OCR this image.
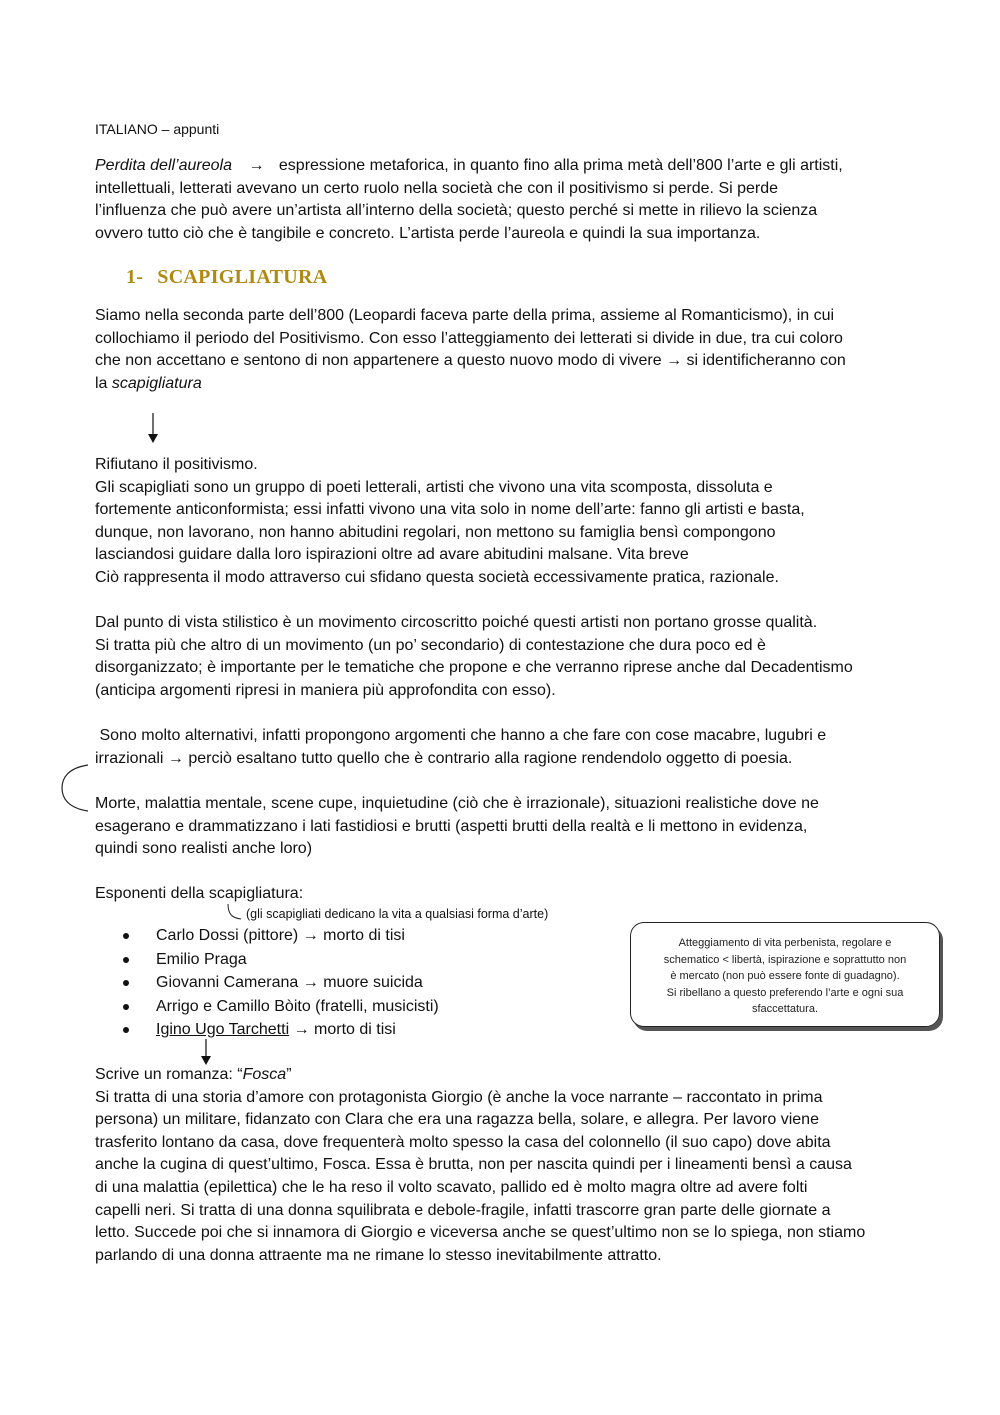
ITALIANO – appunti
Perdita dell’aureola → espressione metaforica, in quanto fino alla prima metà dell’800 l’arte e gli artisti,
intellettuali, letterati avevano un certo ruolo nella società che con il positivismo si perde. Si perde
l’influenza che può avere un’artista all’interno della società; questo perché si mette in rilievo la scienza
ovvero tutto ciò che è tangibile e concreto. L’artista perde l’aureola e quindi la sua importanza.
1- SCAPIGLIATURA
Siamo nella seconda parte dell’800 (Leopardi faceva parte della prima, assieme al Romanticismo), in cui
collochiamo il periodo del Positivismo. Con esso l’atteggiamento dei letterati si divide in due, tra cui coloro
che non accettano e sentono di non appartenere a questo nuovo modo di vivere → si identificheranno con
la scapigliatura
Rifiutano il positivismo.
Gli scapigliati sono un gruppo di poeti letterali, artisti che vivono una vita scomposta, dissoluta e
fortemente anticonformista; essi infatti vivono una vita solo in nome dell’arte: fanno gli artisti e basta,
dunque, non lavorano, non hanno abitudini regolari, non mettono su famiglia bensì compongono
lasciandosi guidare dalla loro ispirazioni oltre ad avare abitudini malsane. Vita breve
Ciò rappresenta il modo attraverso cui sfidano questa società eccessivamente pratica, razionale.
Dal punto di vista stilistico è un movimento circoscritto poiché questi artisti non portano grosse qualità.
Si tratta più che altro di un movimento (un po’ secondario) di contestazione che dura poco ed è
disorganizzato; è importante per le tematiche che propone e che verranno riprese anche dal Decadentismo
(anticipa argomenti ripresi in maniera più approfondita con esso).
Sono molto alternativi, infatti propongono argomenti che hanno a che fare con cose macabre, lugubri e
irrazionali → perciò esaltano tutto quello che è contrario alla ragione rendendolo oggetto di poesia.
Morte, malattia mentale, scene cupe, inquietudine (ciò che è irrazionale), situazioni realistiche dove ne
esagerano e drammatizzano i lati fastidiosi e brutti (aspetti brutti della realtà e li mettono in evidenza,
quindi sono realisti anche loro)
Esponenti della scapigliatura:
(gli scapigliati dedicano la vita a qualsiasi forma d’arte)
Carlo Dossi (pittore) → morto di tisi
Emilio Praga
Giovanni Camerana → muore suicida
Arrigo e Camillo Bòito (fratelli, musicisti)
Igino Ugo Tarchetti → morto di tisi
Atteggiamento di vita perbenista, regolare e
schematico < libertà, ispirazione e soprattutto non
è mercato (non può essere fonte di guadagno).
Si ribellano a questo preferendo l’arte e ogni sua
sfaccettatura.
Scrive un romanza: “Fosca”
Si tratta di una storia d’amore con protagonista Giorgio (è anche la voce narrante – raccontato in prima
persona) un militare, fidanzato con Clara che era una ragazza bella, solare, e allegra. Per lavoro viene
trasferito lontano da casa, dove frequenterà molto spesso la casa del colonnello (il suo capo) dove abita
anche la cugina di quest’ultimo, Fosca. Essa è brutta, non per nascita quindi per i lineamenti bensì a causa
di una malattia (epilettica) che le ha reso il volto scavato, pallido ed è molto magra oltre ad avere folti
capelli neri. Si tratta di una donna squilibrata e debole-fragile, infatti trascorre gran parte delle giornate a
letto. Succede poi che si innamora di Giorgio e viceversa anche se quest’ultimo non se lo spiega, non stiamo
parlando di una donna attraente ma ne rimane lo stesso inevitabilmente attratto.
